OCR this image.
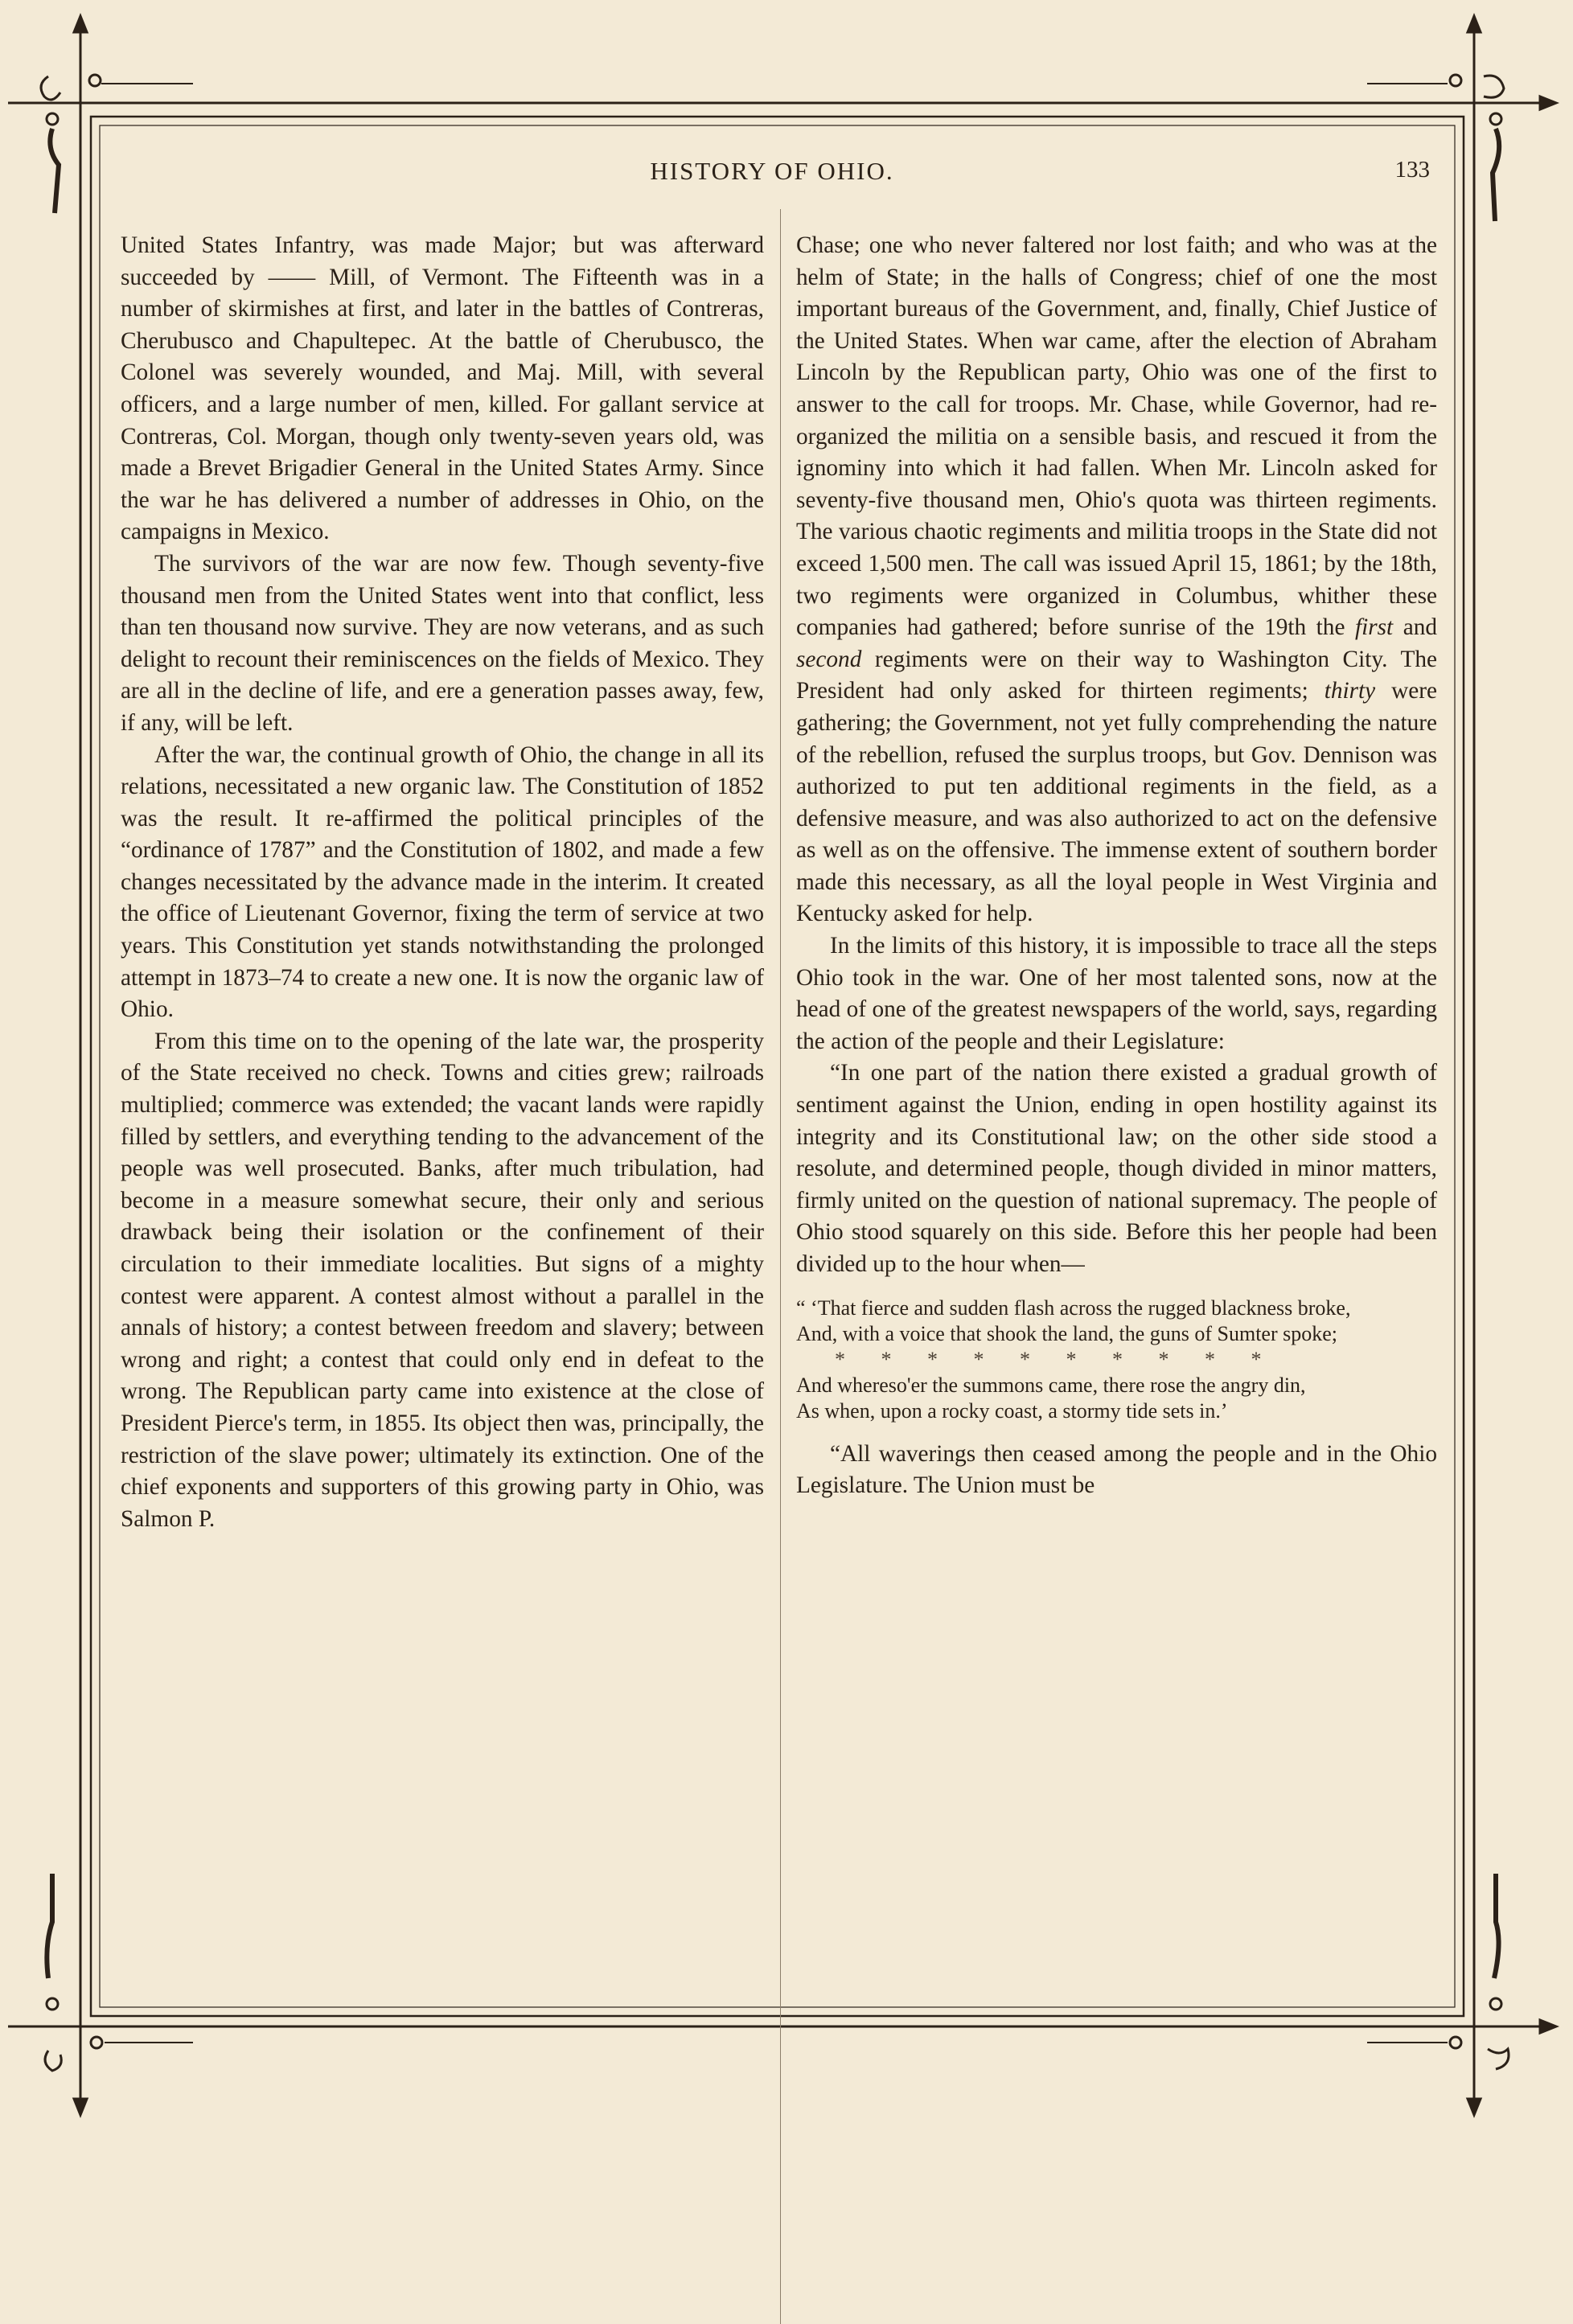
HISTORY OF OHIO.	133

United States Infantry, was made Major; but was afterward succeeded by —— Mill, of Vermont. The Fifteenth was in a number of skirmishes at first, and later in the battles of Contreras, Cherubusco and Chapultepec. At the battle of Cherubusco, the Colonel was severely wounded, and Maj. Mill, with several officers, and a large number of men, killed. For gallant service at Contreras, Col. Morgan, though only twenty-seven years old, was made a Brevet Brigadier General in the United States Army. Since the war he has delivered a number of addresses in Ohio, on the campaigns in Mexico.

The survivors of the war are now few. Though seventy-five thousand men from the United States went into that conflict, less than ten thousand now survive. They are now veterans, and as such delight to recount their reminiscences on the fields of Mexico. They are all in the decline of life, and ere a generation passes away, few, if any, will be left.

After the war, the continual growth of Ohio, the change in all its relations, necessitated a new organic law. The Constitution of 1852 was the result. It re-affirmed the political principles of the “ordinance of 1787” and the Constitution of 1802, and made a few changes necessitated by the advance made in the interim. It created the office of Lieutenant Governor, fixing the term of service at two years. This Constitution yet stands notwithstanding the prolonged attempt in 1873–74 to create a new one. It is now the organic law of Ohio.

From this time on to the opening of the late war, the prosperity of the State received no check. Towns and cities grew; railroads multiplied; commerce was extended; the vacant lands were rapidly filled by settlers, and everything tending to the advancement of the people was well prosecuted. Banks, after much tribulation, had become in a measure somewhat secure, their only and serious drawback being their isolation or the confinement of their circulation to their immediate localities. But signs of a mighty contest were apparent. A contest almost without a parallel in the annals of history; a contest between freedom and slavery; between wrong and right; a contest that could only end in defeat to the wrong. The Republican party came into existence at the close of President Pierce's term, in 1855. Its object then was, principally, the restriction of the slave power; ultimately its extinction. One of the chief exponents and supporters of this growing party in Ohio, was Salmon P.

Chase; one who never faltered nor lost faith; and who was at the helm of State; in the halls of Congress; chief of one the most important bureaus of the Government, and, finally, Chief Justice of the United States. When war came, after the election of Abraham Lincoln by the Republican party, Ohio was one of the first to answer to the call for troops. Mr. Chase, while Governor, had re-organized the militia on a sensible basis, and rescued it from the ignominy into which it had fallen. When Mr. Lincoln asked for seventy-five thousand men, Ohio's quota was thirteen regiments. The various chaotic regiments and militia troops in the State did not exceed 1,500 men. The call was issued April 15, 1861; by the 18th, two regiments were organized in Columbus, whither these companies had gathered; before sunrise of the 19th the first and second regiments were on their way to Washington City. The President had only asked for thirteen regiments; thirty were gathering; the Government, not yet fully comprehending the nature of the rebellion, refused the surplus troops, but Gov. Dennison was authorized to put ten additional regiments in the field, as a defensive measure, and was also authorized to act on the defensive as well as on the offensive. The immense extent of southern border made this necessary, as all the loyal people in West Virginia and Kentucky asked for help.

In the limits of this history, it is impossible to trace all the steps Ohio took in the war. One of her most talented sons, now at the head of one of the greatest newspapers of the world, says, regarding the action of the people and their Legislature:

“In one part of the nation there existed a gradual growth of sentiment against the Union, ending in open hostility against its integrity and its Constitutional law; on the other side stood a resolute, and determined people, though divided in minor matters, firmly united on the question of national supremacy. The people of Ohio stood squarely on this side. Before this her people had been divided up to the hour when—

“ ‘That fierce and sudden flash across the rugged blackness broke,

And, with a voice that shook the land, the guns of Sumter spoke;

* * * * * * * * * *

And whereso'er the summons came, there rose the angry din,

As when, upon a rocky coast, a stormy tide sets in.’

“All waverings then ceased among the people and in the Ohio Legislature. The Union must be
